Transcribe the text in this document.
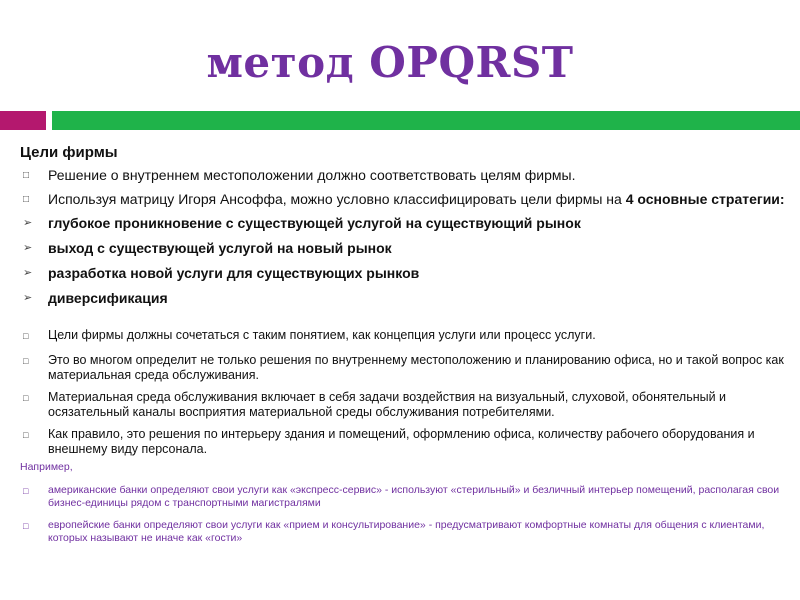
метод OPQRST
Цели фирмы
□ Решение о внутреннем местоположении должно соответствовать целям фирмы.
□ Используя матрицу Игоря Ансоффа, можно условно классифицировать цели фирмы на 4 основные стратегии:
➢ глубокое проникновение с существующей услугой на существующий рынок
➢ выход с существующей услугой на новый рынок
➢ разработка новой услуги для существующих рынков
➢ диверсификация
□ Цели фирмы должны сочетаться с таким понятием, как концепция услуги или процесс услуги.
□ Это во многом определит не только решения по внутреннему местоположению и планированию офиса, но и такой вопрос как материальная среда обслуживания.
□ Материальная среда обслуживания включает в себя задачи воздействия на визуальный, слуховой, обонятельный и осязательный каналы восприятия материальной среды обслуживания потребителями.
□ Как правило, это решения по интерьеру здания и помещений, оформлению офиса, количеству рабочего оборудования и внешнему виду персонала.
Например,
□ американские банки определяют свои услуги как «экспресс-сервис» - используют «стерильный» и безличный интерьер помещений, располагая свои бизнес-единицы рядом с транспортными магистралями
□ европейские банки определяют свои услуги как «прием и консультирование» - предусматривают комфортные комнаты для общения с клиентами, которых называют не иначе как «гости»
